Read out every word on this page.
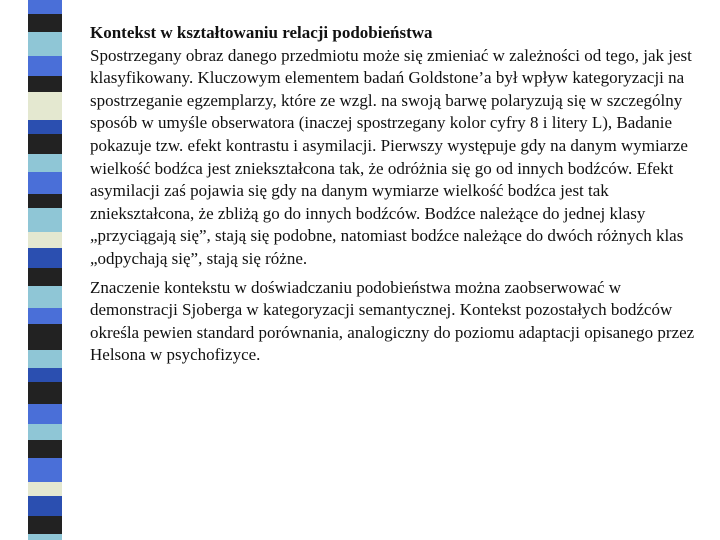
Kontekst w kształtowaniu relacji podobieństwa

Spostrzegany obraz danego przedmiotu może się zmieniać w zależności od tego, jak jest klasyfikowany. Kluczowym elementem badań Goldstone’a był wpływ kategoryzacji na spostrzeganie egzemplarzy, które ze wzgl. na swoją barwę polaryzują się w szczególny sposób w umyśle obserwatora (inaczej spostrzegany kolor cyfry 8 i litery L), Badanie pokazuje tzw. efekt kontrastu i asymilacji. Pierwszy występuje gdy na danym wymiarze wielkość bodźca jest zniekształcona tak, że odróżnia się go od innych bodźców. Efekt asymilacji zaś pojawia się gdy na danym wymiarze wielkość bodźca jest tak zniekształcona, że zbliżą go do innych bodźców. Bodźce należące do jednej klasy „przyciągają się”, stają się podobne, natomiast bodźce należące do dwóch różnych klas „odpychają się”, stają się różne.

Znaczenie kontekstu w doświadczaniu podobieństwa można zaobserwować w demonstracji Sjoberga w kategoryzacji semantycznej. Kontekst pozostałych bodźców określa pewien standard porównania, analogiczny do poziomu adaptacji opisanego przez Helsona w psychofizyce.
